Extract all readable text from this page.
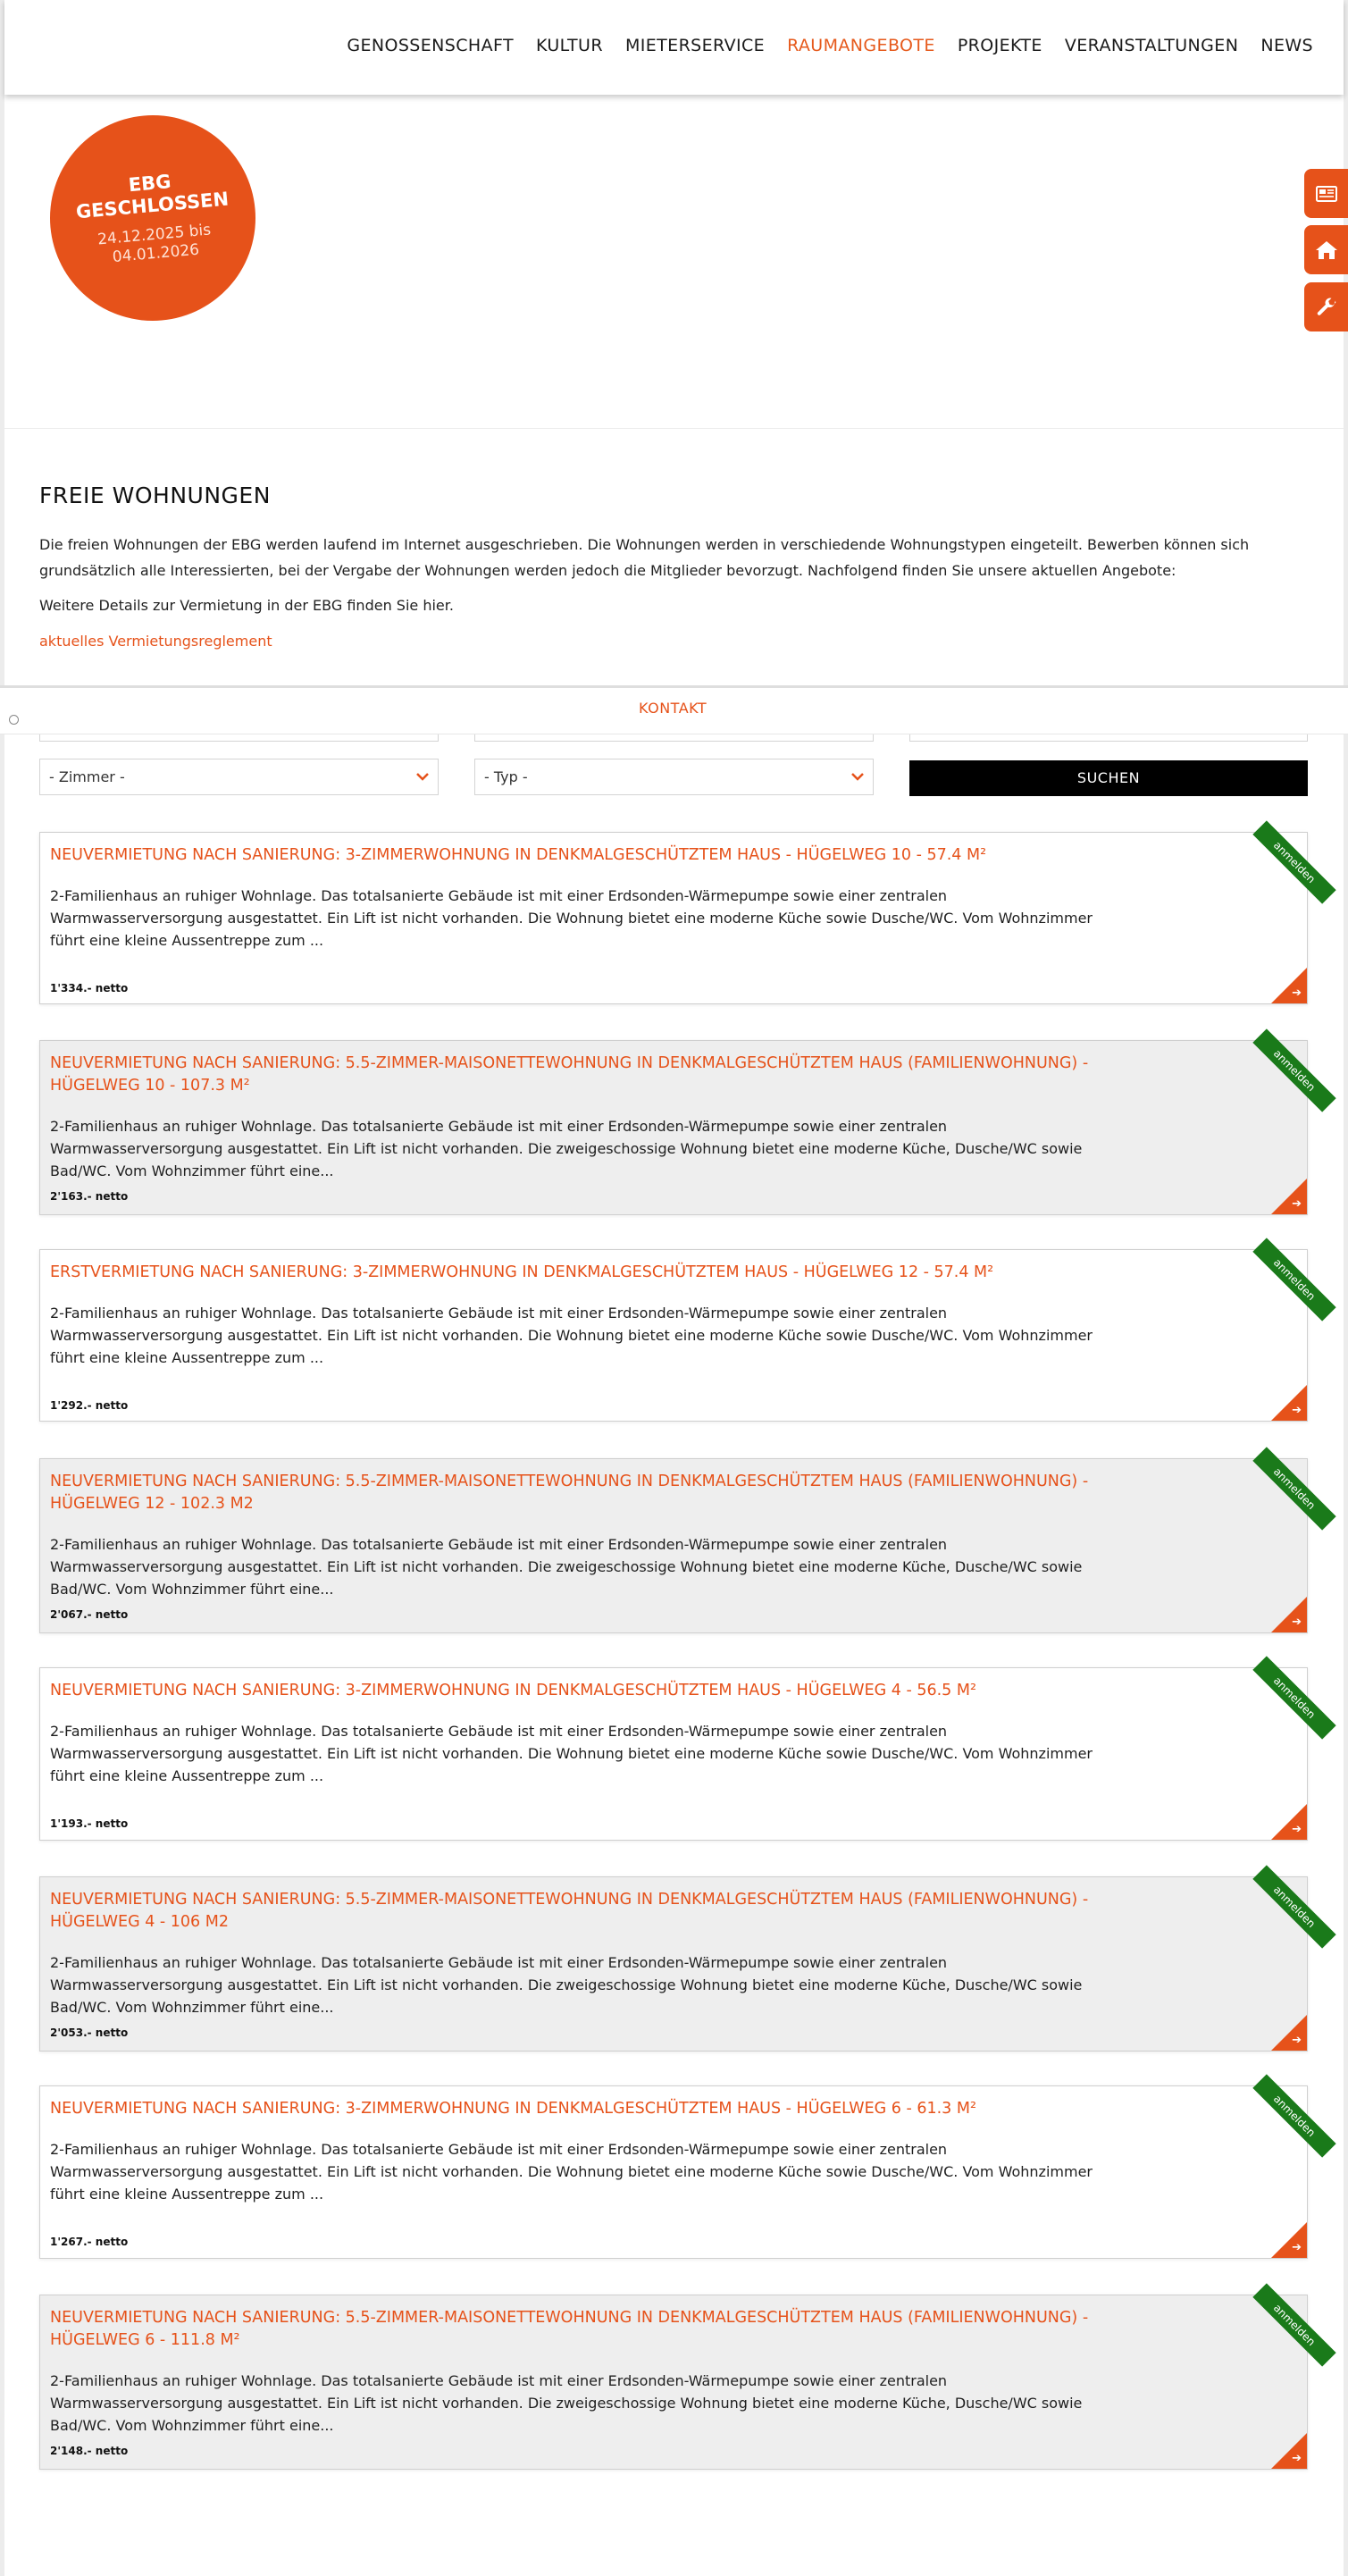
GENOSSENSCHAFT KULTUR MIETERSERVICE RAUMANGEBOTE PROJEKTE VERANSTALTUNGEN NEWS
EBG GESCHLOSSEN
24.12.2025 bis 04.01.2026
FREIE WOHNUNGEN

Die freien Wohnungen der EBG werden laufend im Internet ausgeschrieben. Die Wohnungen werden in verschiedende Wohnungstypen eingeteilt. Bewerben können sich grundsätzlich alle Interessierten, bei der Vergabe der Wohnungen werden jedoch die Mitglieder bevorzugt. Nachfolgend finden Sie unsere aktuellen Angebote:

Weitere Details zur Vermietung in der EBG finden Sie hier.

aktuelles Vermietungsreglement
KONTAKT
- Zimmer -	- Typ -	SUCHEN
NEUVERMIETUNG NACH SANIERUNG: 3-ZIMMERWOHNUNG IN DENKMALGESCHÜTZTEM HAUS - HÜGELWEG 10 - 57.4 M²
2-Familienhaus an ruhiger Wohnlage. Das totalsanierte Gebäude ist mit einer Erdsonden-Wärmepumpe sowie einer zentralen Warmwasserversorgung ausgestattet. Ein Lift ist nicht vorhanden. Die Wohnung bietet eine moderne Küche sowie Dusche/WC. Vom Wohnzimmer führt eine kleine Aussentreppe zum ...
1'334.- netto
anmelden
➔
NEUVERMIETUNG NACH SANIERUNG: 5.5-ZIMMER-MAISONETTEWOHNUNG IN DENKMALGESCHÜTZTEM HAUS (FAMILIENWOHNUNG) - HÜGELWEG 10 - 107.3 M²
2-Familienhaus an ruhiger Wohnlage. Das totalsanierte Gebäude ist mit einer Erdsonden-Wärmepumpe sowie einer zentralen Warmwasserversorgung ausgestattet. Ein Lift ist nicht vorhanden. Die zweigeschossige Wohnung bietet eine moderne Küche, Dusche/WC sowie Bad/WC. Vom Wohnzimmer führt eine...
2'163.- netto
anmelden
➔
ERSTVERMIETUNG NACH SANIERUNG: 3-ZIMMERWOHNUNG IN DENKMALGESCHÜTZTEM HAUS - HÜGELWEG 12 - 57.4 M²
2-Familienhaus an ruhiger Wohnlage. Das totalsanierte Gebäude ist mit einer Erdsonden-Wärmepumpe sowie einer zentralen Warmwasserversorgung ausgestattet. Ein Lift ist nicht vorhanden. Die Wohnung bietet eine moderne Küche sowie Dusche/WC. Vom Wohnzimmer führt eine kleine Aussentreppe zum ...
1'292.- netto
anmelden
➔
NEUVERMIETUNG NACH SANIERUNG: 5.5-ZIMMER-MAISONETTEWOHNUNG IN DENKMALGESCHÜTZTEM HAUS (FAMILIENWOHNUNG) - HÜGELWEG 12 - 102.3 M2
2-Familienhaus an ruhiger Wohnlage. Das totalsanierte Gebäude ist mit einer Erdsonden-Wärmepumpe sowie einer zentralen Warmwasserversorgung ausgestattet. Ein Lift ist nicht vorhanden. Die zweigeschossige Wohnung bietet eine moderne Küche, Dusche/WC sowie Bad/WC. Vom Wohnzimmer führt eine...
2'067.- netto
anmelden
➔
NEUVERMIETUNG NACH SANIERUNG: 3-ZIMMERWOHNUNG IN DENKMALGESCHÜTZTEM HAUS - HÜGELWEG 4 - 56.5 M²
2-Familienhaus an ruhiger Wohnlage. Das totalsanierte Gebäude ist mit einer Erdsonden-Wärmepumpe sowie einer zentralen Warmwasserversorgung ausgestattet. Ein Lift ist nicht vorhanden. Die Wohnung bietet eine moderne Küche sowie Dusche/WC. Vom Wohnzimmer führt eine kleine Aussentreppe zum ...
1'193.- netto
anmelden
➔
NEUVERMIETUNG NACH SANIERUNG: 5.5-ZIMMER-MAISONETTEWOHNUNG IN DENKMALGESCHÜTZTEM HAUS (FAMILIENWOHNUNG) - HÜGELWEG 4 - 106 M2
2-Familienhaus an ruhiger Wohnlage. Das totalsanierte Gebäude ist mit einer Erdsonden-Wärmepumpe sowie einer zentralen Warmwasserversorgung ausgestattet. Ein Lift ist nicht vorhanden. Die zweigeschossige Wohnung bietet eine moderne Küche, Dusche/WC sowie Bad/WC. Vom Wohnzimmer führt eine...
2'053.- netto
anmelden
➔
NEUVERMIETUNG NACH SANIERUNG: 3-ZIMMERWOHNUNG IN DENKMALGESCHÜTZTEM HAUS - HÜGELWEG 6 - 61.3 M²
2-Familienhaus an ruhiger Wohnlage. Das totalsanierte Gebäude ist mit einer Erdsonden-Wärmepumpe sowie einer zentralen Warmwasserversorgung ausgestattet. Ein Lift ist nicht vorhanden. Die Wohnung bietet eine moderne Küche sowie Dusche/WC. Vom Wohnzimmer führt eine kleine Aussentreppe zum ...
1'267.- netto
anmelden
➔
NEUVERMIETUNG NACH SANIERUNG: 5.5-ZIMMER-MAISONETTEWOHNUNG IN DENKMALGESCHÜTZTEM HAUS (FAMILIENWOHNUNG) - HÜGELWEG 6 - 111.8 M²
2-Familienhaus an ruhiger Wohnlage. Das totalsanierte Gebäude ist mit einer Erdsonden-Wärmepumpe sowie einer zentralen Warmwasserversorgung ausgestattet. Ein Lift ist nicht vorhanden. Die zweigeschossige Wohnung bietet eine moderne Küche, Dusche/WC sowie Bad/WC. Vom Wohnzimmer führt eine...
2'148.- netto
anmelden
➔
